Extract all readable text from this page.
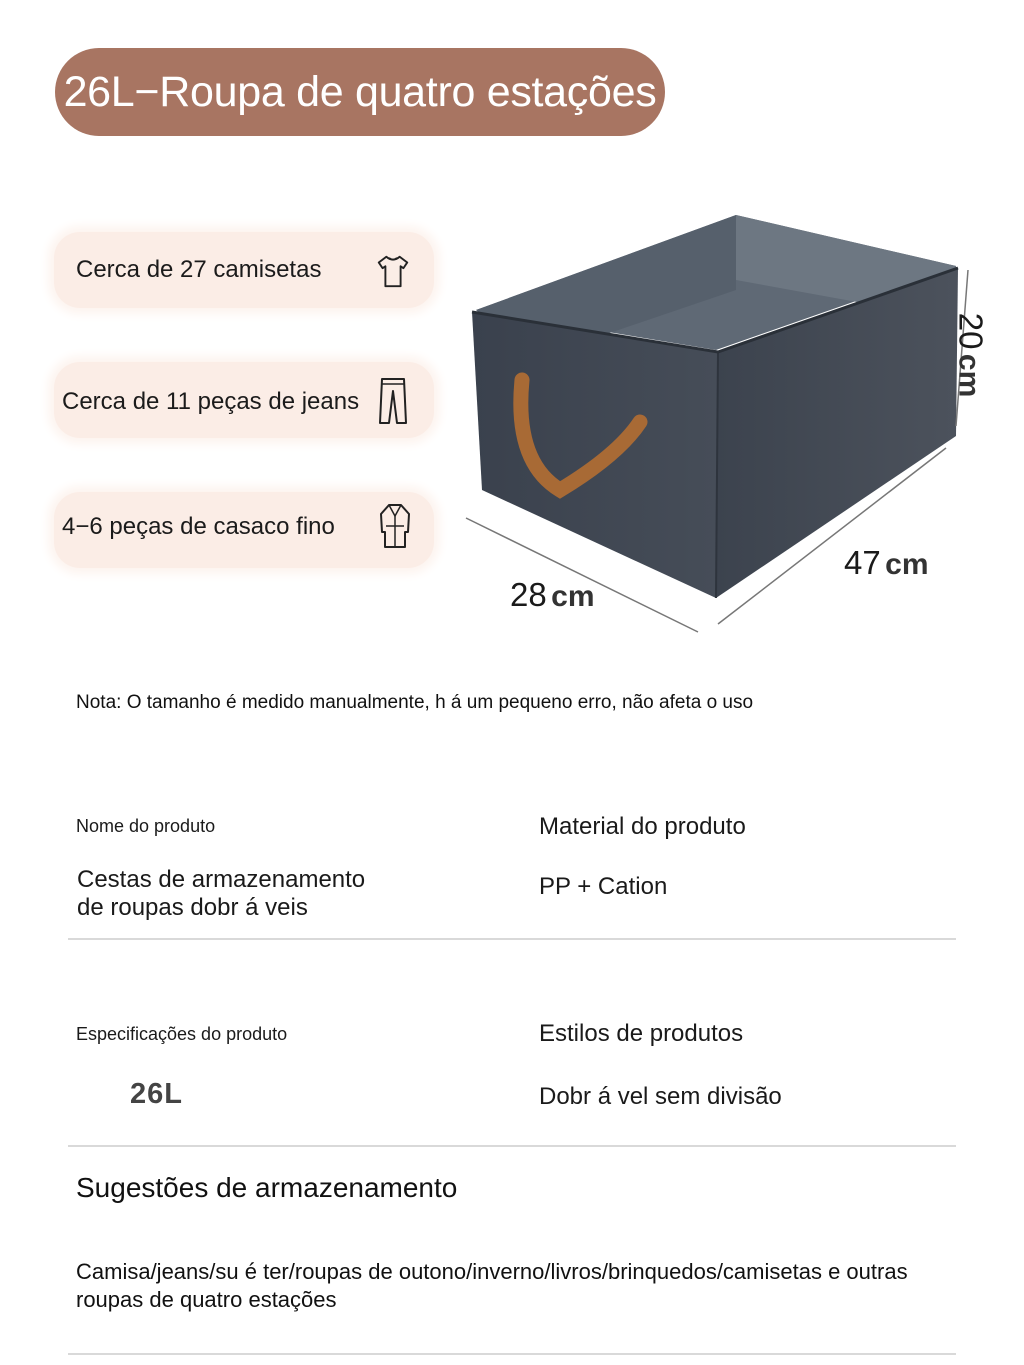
26L−Roupa de quatro estações
Cerca de 27 camisetas
Cerca de 11 peças de jeans
4−6 peças de casaco fino
28 cm
47 cm
20 cm
Nota: O tamanho é medido manualmente, h á um pequeno erro, não afeta o uso
Nome do produto
Cestas de armazenamento
de roupas dobr á veis
Material do produto
PP + Cation
Especificações do produto
26L
Estilos de produtos
Dobr á vel sem divisão
Sugestões de armazenamento
Camisa/jeans/su é ter/roupas de outono/inverno/livros/brinquedos/camisetas e outras roupas de quatro estações
